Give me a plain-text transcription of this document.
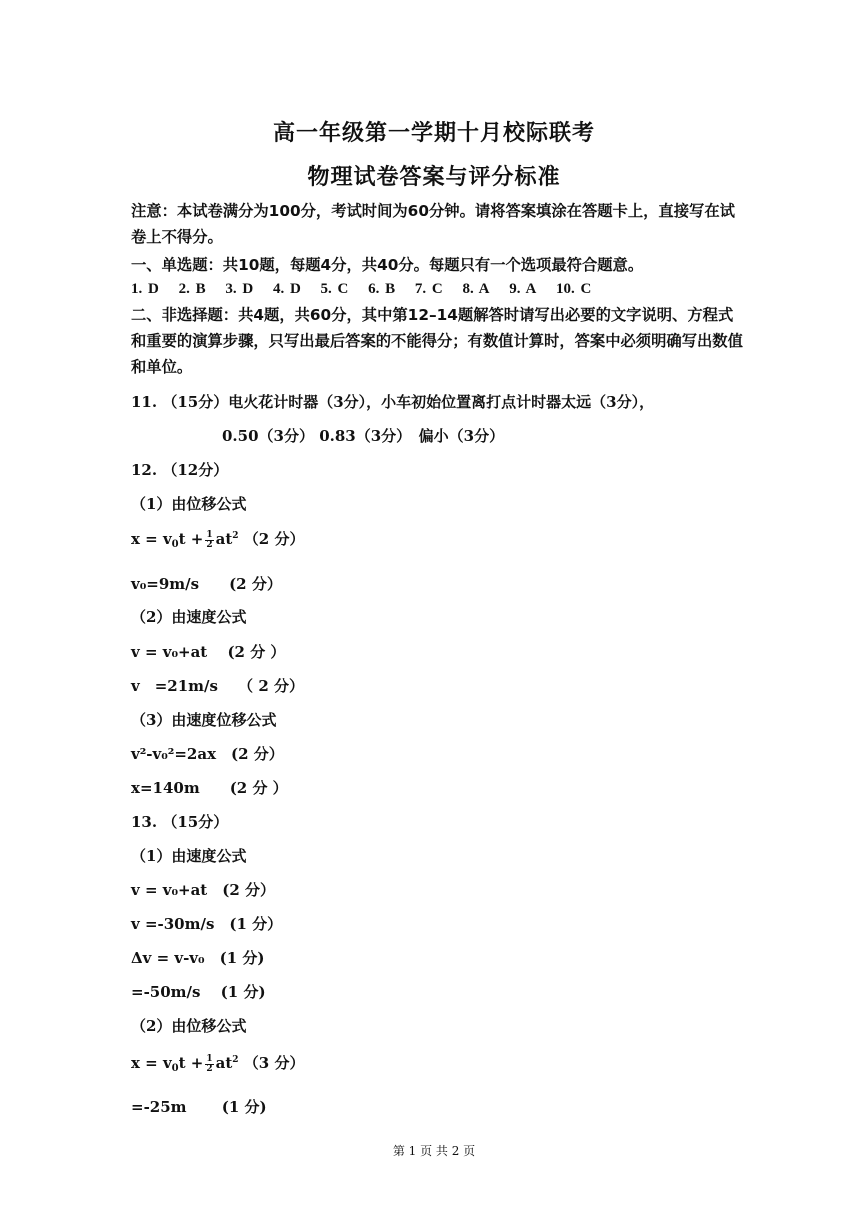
高一年级第一学期十月校际联考
物理试卷答案与评分标准
注意：本试卷满分为100分，考试时间为60分钟。请将答案填涂在答题卡上，直接写在试卷上不得分。
一、单选题：共10题，每题4分，共40分。每题只有一个选项最符合题意。
1. D 2. B 3. D 4. D 5. C 6. B 7. C 8. A 9. A 10. C
二、非选择题：共4题，共60分，其中第12–14题解答时请写出必要的文字说明、方程式和重要的演算步骤，只写出最后答案的不能得分；有数值计算时，答案中必须明确写出数值和单位。
11. （15分）电火花计时器（3分），小车初始位置离打点计时器太远（3分），
0.50（3分） 0.83（3分）　偏小（3分）
12. （12分）
（1）由位移公式
$x = v_0t + \frac{1}{2} at^2$ （2 分）
v₀=9m/s　　(2 分）
（2）由速度公式
v = v₀+at　 (2 分 ）
v　=21m/s　 （ 2 分）
（3）由速度位移公式
v²-v₀²=2ax　(2 分）
x=140m　　(2 分 ）
13. （15分）
（1）由速度公式
v = v₀+at　(2 分）
v =-30m/s　(1 分）
Δv = v-v₀　(1 分)
=-50m/s　 (1 分)
（2）由位移公式
$x = v_0t + \frac{1}{2} at^2$ （3 分）
=-25m　　 (1 分)
第 1 页 共 2 页
